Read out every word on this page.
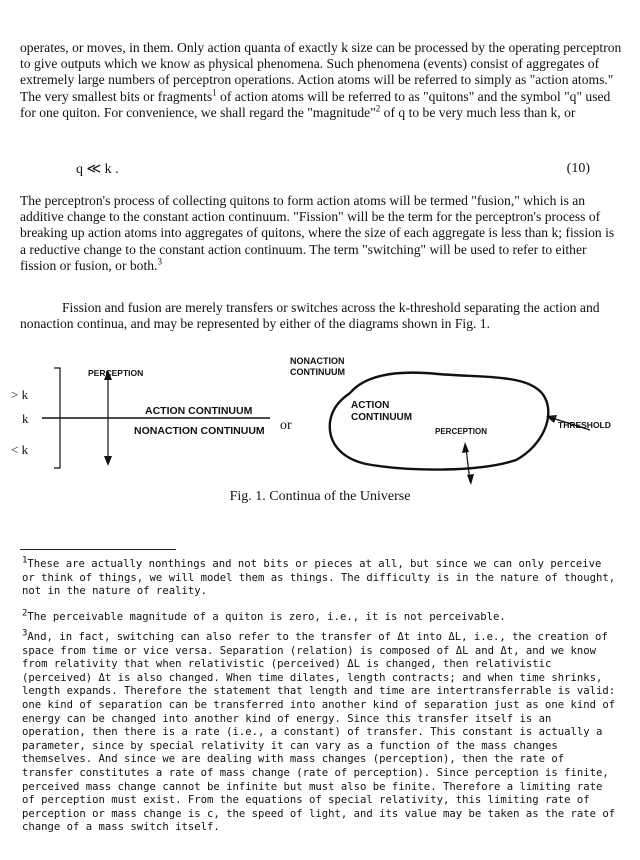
operates, or moves, in them. Only action quanta of exactly k size can be processed by the operating perceptron to give outputs which we know as physical phenomena. Such phenomena (events) consist of aggregates of extremely large numbers of perceptron operations. Action atoms will be referred to simply as "action atoms." The very smallest bits or fragments$^1$ of action atoms will be referred to as "quitons" and the symbol "q" used for one quiton. For convenience, we shall regard the "magnitude"$^2$ of q to be very much less than k, or

q ≪ k .	(10)

The perceptron's process of collecting quitons to form action atoms will be termed "fusion," which is an additive change to the constant action continuum. "Fission" will be the term for the perceptron's process of breaking up action atoms into aggregates of quitons, where the size of each aggregate is less than k; fission is a reductive change to the constant action continuum. The term "switching" will be used to refer to either fission or fusion, or both.$^3$

Fission and fusion are merely transfers or switches across the k-threshold separating the action and nonaction continua, and may be represented by either of the diagrams shown in Fig. 1.

> k
k
< k
PERCEPTION
ACTION CONTINUUM
NONACTION CONTINUUM or
NONACTION
CONTINUUM
ACTION
CONTINUUM
PERCEPTION
THRESHOLD
Fig. 1. Continua of the Universe
$^1$These are actually nonthings and not bits or pieces at all, but since we can only perceive or think of things, we will model them as things. The difficulty is in the nature of thought, not in the nature of reality.
$^2$The perceivable magnitude of a quiton is zero, i.e., it is not perceivable.
$^3$And, in fact, switching can also refer to the transfer of Δt into ΔL, i.e., the creation of space from time or vice versa. Separation (relation) is composed of ΔL and Δt, and we know from relativity that when relativistic (perceived) ΔL is changed, then relativistic (perceived) Δt is also changed. When time dilates, length contracts; and when time shrinks, length expands. Therefore the statement that length and time are intertransferrable is valid: one kind of separation can be transferred into another kind of separation just as one kind of energy can be changed into another kind of energy. Since this transfer itself is an operation, then there is a rate (i.e., a constant) of transfer. This constant is actually a parameter, since by special relativity it can vary as a function of the mass changes themselves. And since we are dealing with mass changes (perception), then the rate of transfer constitutes a rate of mass change (rate of perception). Since perception is finite, perceived mass change cannot be infinite but must also be finite. Therefore a limiting rate of perception must exist. From the equations of special relativity, this limiting rate of perception or mass change is c, the speed of light, and its value may be taken as the rate of change of a mass switch itself.
